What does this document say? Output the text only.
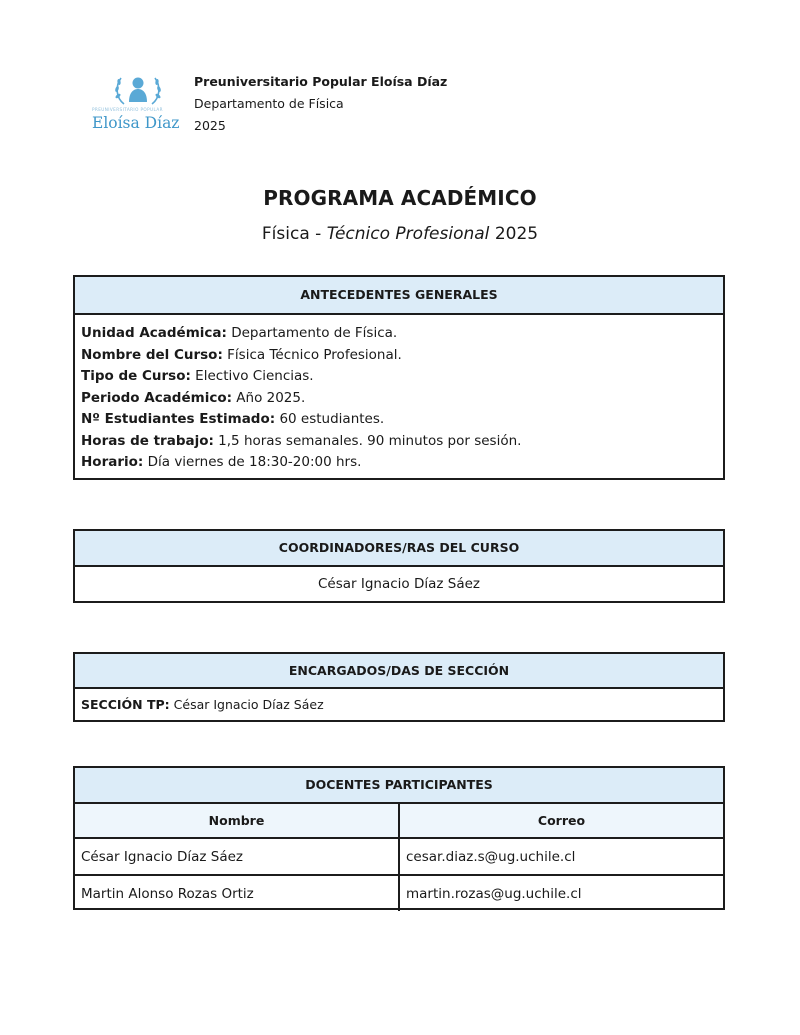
PREUNIVERSITARIO POPULAR
Eloísa Díaz
Preuniversitario Popular Eloísa Díaz
Departamento de Física
2025
PROGRAMA ACADÉMICO
Física - Técnico Profesional 2025
ANTECEDENTES GENERALES
Unidad Académica: Departamento de Física.
Nombre del Curso: Física Técnico Profesional.
Tipo de Curso: Electivo Ciencias.
Periodo Académico: Año 2025.
Nº Estudiantes Estimado: 60 estudiantes.
Horas de trabajo: 1,5 horas semanales. 90 minutos por sesión.
Horario: Día viernes de 18:30-20:00 hrs.
COORDINADORES/RAS DEL CURSO
César Ignacio Díaz Sáez
ENCARGADOS/DAS DE SECCIÓN
SECCIÓN TP: César Ignacio Díaz Sáez
DOCENTES PARTICIPANTES
Nombre	Correo
César Ignacio Díaz Sáez	cesar.diaz.s@ug.uchile.cl
Martin Alonso Rozas Ortiz	martin.rozas@ug.uchile.cl
